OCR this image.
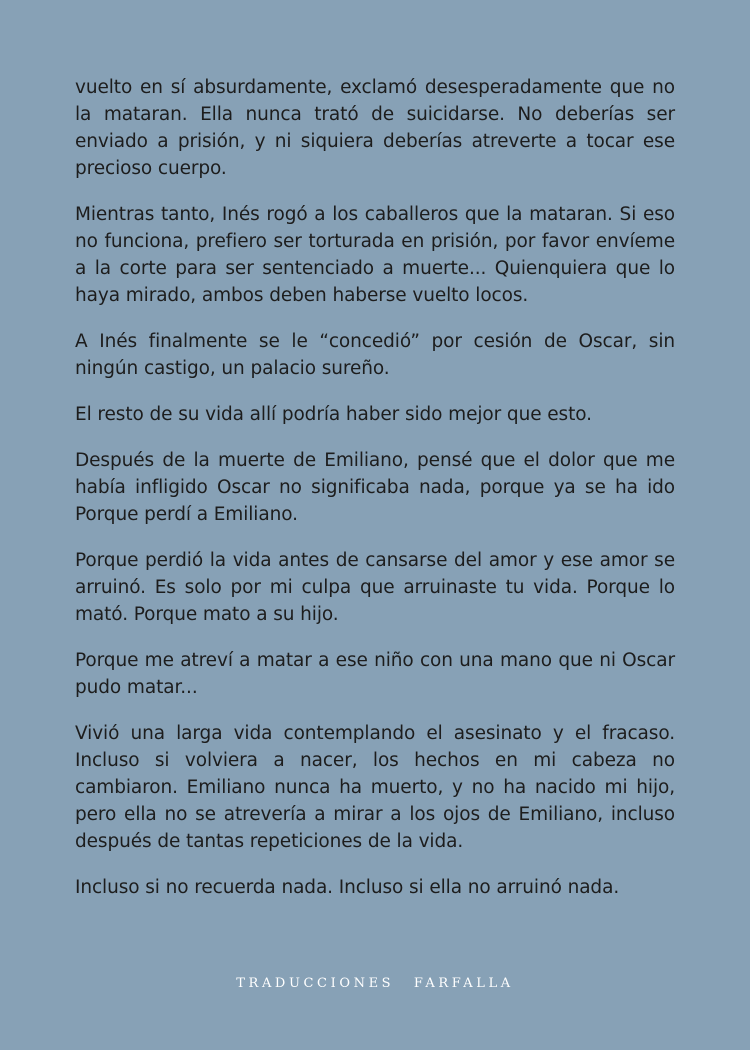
vuelto en sí absurdamente, exclamó desesperadamente que no la mataran. Ella nunca trató de suicidarse. No deberías ser enviado a prisión, y ni siquiera deberías atreverte a tocar ese precioso cuerpo.

Mientras tanto, Inés rogó a los caballeros que la mataran. Si eso no funciona, prefiero ser torturada en prisión, por favor envíeme a la corte para ser sentenciado a muerte... Quienquiera que lo haya mirado, ambos deben haberse vuelto locos.

A Inés finalmente se le “concedió” por cesión de Oscar, sin ningún castigo, un palacio sureño.

El resto de su vida allí podría haber sido mejor que esto.

Después de la muerte de Emiliano, pensé que el dolor que me había infligido Oscar no significaba nada, porque ya se ha ido Porque perdí a Emiliano.

Porque perdió la vida antes de cansarse del amor y ese amor se arruinó. Es solo por mi culpa que arruinaste tu vida. Porque lo mató. Porque mato a su hijo.

Porque me atreví a matar a ese niño con una mano que ni Oscar pudo matar...

Vivió una larga vida contemplando el asesinato y el fracaso. Incluso si volviera a nacer, los hechos en mi cabeza no cambiaron. Emiliano nunca ha muerto, y no ha nacido mi hijo, pero ella no se atrevería a mirar a los ojos de Emiliano, incluso después de tantas repeticiones de la vida.

Incluso si no recuerda nada. Incluso si ella no arruinó nada.

TRADUCCIONES FARFALLA
